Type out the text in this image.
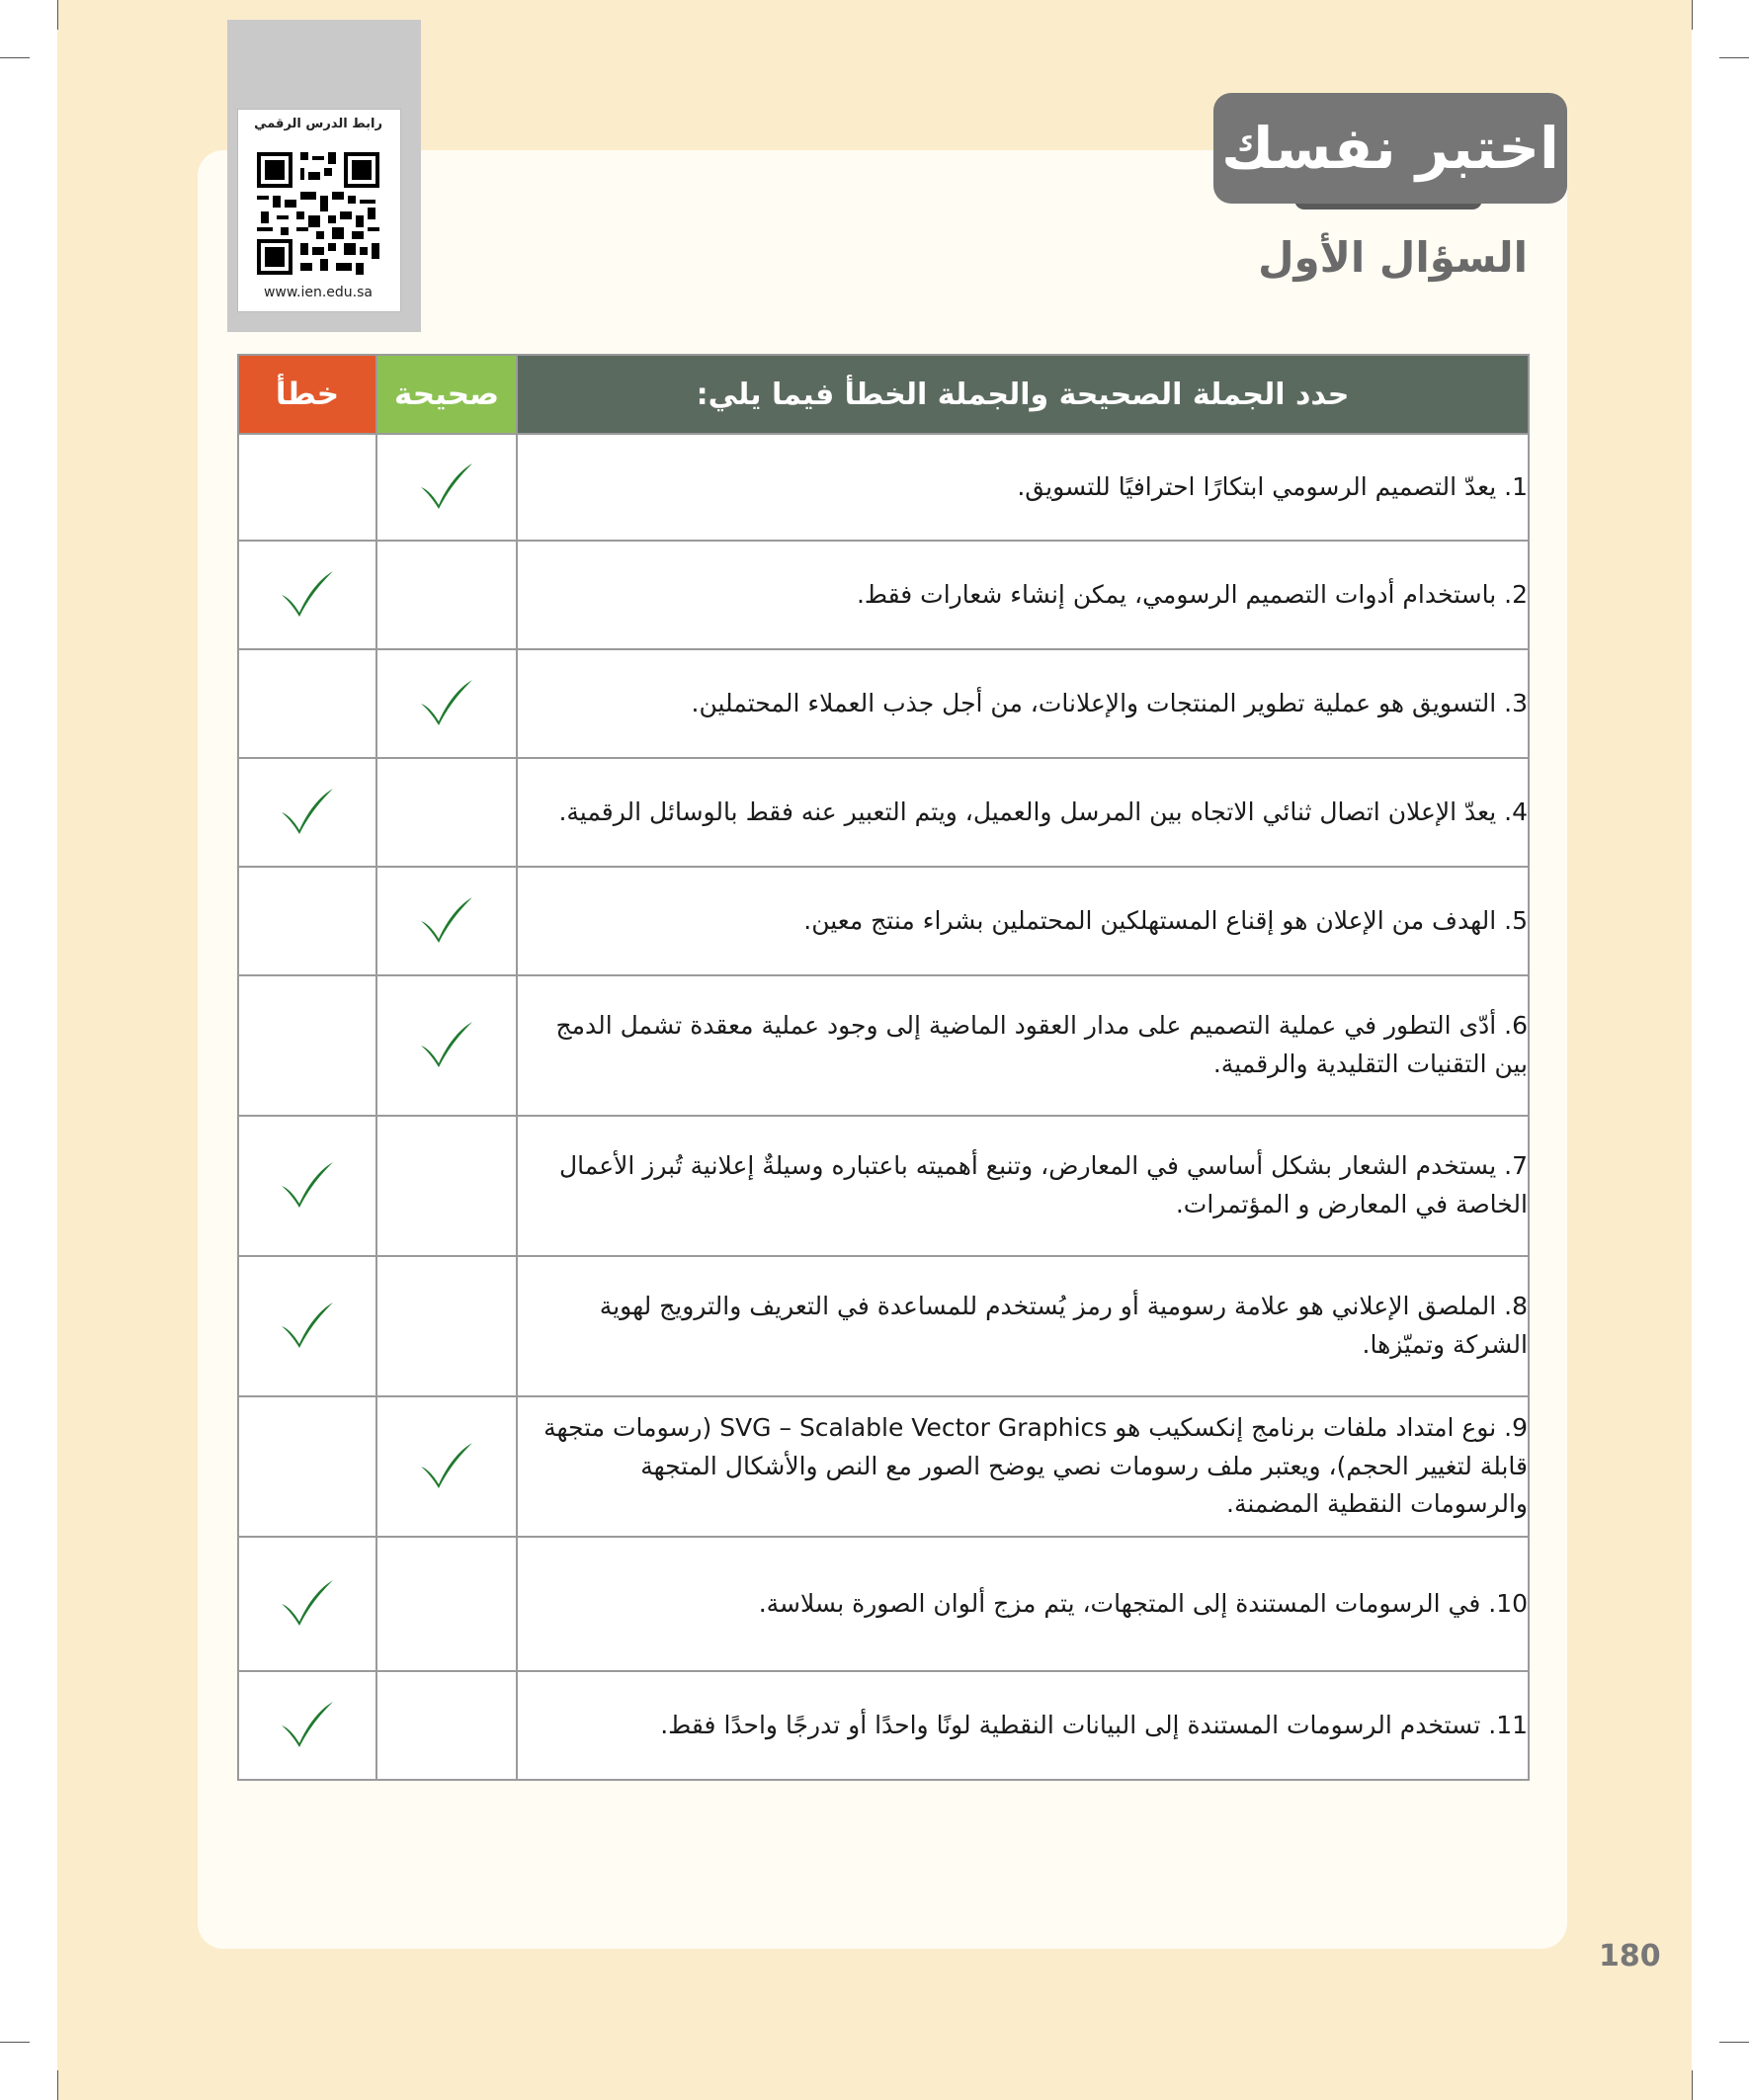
رابط الدرس الرقمي
www.ien.edu.sa
اختبر نفسك
السؤال الأول
خطأ	صحيحة	حدد الجملة الصحيحة والجملة الخطأ فيما يلي:
		1. يعدّ التصميم الرسومي ابتكارًا احترافيًا للتسويق.
		2. باستخدام أدوات التصميم الرسومي، يمكن إنشاء شعارات فقط.
		3. التسويق هو عملية تطوير المنتجات والإعلانات، من أجل جذب العملاء المحتملين.
		4. يعدّ الإعلان اتصال ثنائي الاتجاه بين المرسل والعميل، ويتم التعبير عنه فقط بالوسائل الرقمية.
		5. الهدف من الإعلان هو إقناع المستهلكين المحتملين بشراء منتج معين.
		6. أدّى التطور في عملية التصميم على مدار العقود الماضية إلى وجود عملية معقدة تشمل الدمج بين التقنيات التقليدية والرقمية.
		7. يستخدم الشعار بشكل أساسي في المعارض، وتنبع أهميته باعتباره وسيلةٌ إعلانية تُبرز الأعمال الخاصة في المعارض و المؤتمرات.
		8. الملصق الإعلاني هو علامة رسومية أو رمز يُستخدم للمساعدة في التعريف والترويج لهوية الشركة وتميّزها.
		9. نوع امتداد ملفات برنامج إنكسكيب هو SVG – Scalable Vector Graphics (رسومات متجهة قابلة لتغيير الحجم)، ويعتبر ملف رسومات نصي يوضح الصور مع النص والأشكال المتجهة والرسومات النقطية المضمنة.
		10. في الرسومات المستندة إلى المتجهات، يتم مزج ألوان الصورة بسلاسة.
		11. تستخدم الرسومات المستندة إلى البيانات النقطية لونًا واحدًا أو تدرجًا واحدًا فقط.
180
